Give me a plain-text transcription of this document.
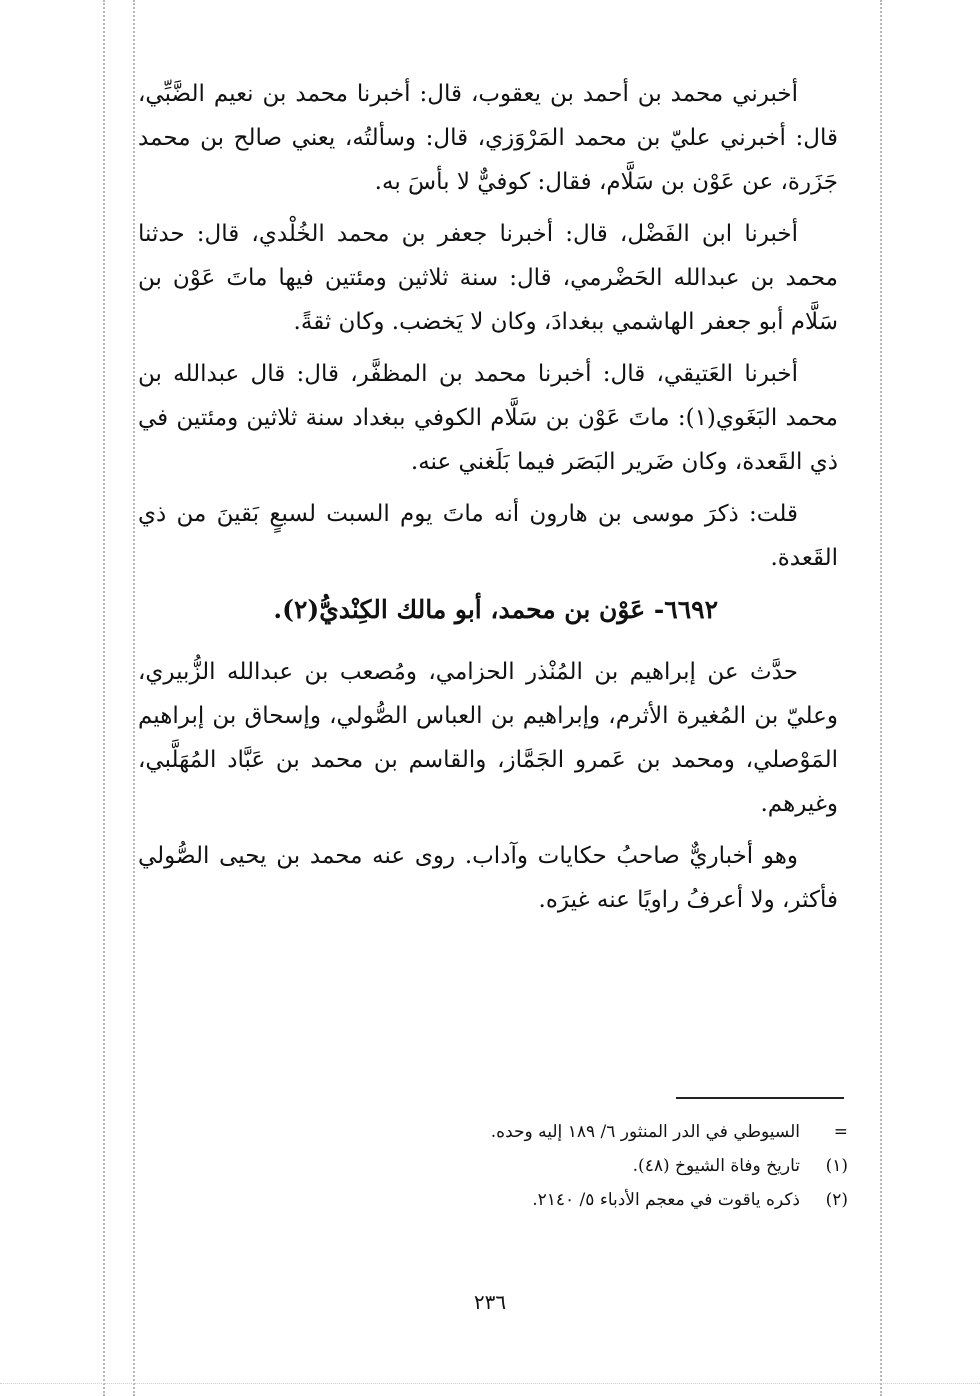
أخبرني محمد بن أحمد بن يعقوب، قال: أخبرنا محمد بن نعيم الضَّبِّي، قال: أخبرني عليّ بن محمد المَرْوَزي، قال: وسألتُه، يعني صالح بن محمد جَزَرة، عن عَوْن بن سَلَّام، فقال: كوفيٌّ لا بأسَ به.

أخبرنا ابن الفَضْل، قال: أخبرنا جعفر بن محمد الخُلْدي، قال: حدثنا محمد بن عبدالله الحَضْرمي، قال: سنة ثلاثين ومئتين فيها ماتَ عَوْن بن سَلَّام أبو جعفر الهاشمي ببغدادَ، وكان لا يَخضب. وكان ثقةً.

أخبرنا العَتيقي، قال: أخبرنا محمد بن المظفَّر، قال: قال عبدالله بن محمد البَغَوي(١): ماتَ عَوْن بن سَلَّام الكوفي ببغداد سنة ثلاثين ومئتين في ذي القَعدة، وكان ضَرير البَصَر فيما بَلَغني عنه.

قلت: ذكرَ موسى بن هارون أنه ماتَ يوم السبت لسبعٍ بَقينَ من ذي القَعدة.

٦٦٩٢- عَوْن بن محمد، أبو مالك الكِنْديُّ(٢).

حدَّث عن إبراهيم بن المُنْذر الحزامي، ومُصعب بن عبدالله الزُّبيري، وعليّ بن المُغيرة الأثرم، وإبراهيم بن العباس الصُّولي، وإسحاق بن إبراهيم المَوْصلي، ومحمد بن عَمرو الجَمَّاز، والقاسم بن محمد بن عَبَّاد المُهَلَّبي، وغيرهم.

وهو أخباريٌّ صاحبُ حكايات وآداب. روى عنه محمد بن يحيى الصُّولي فأكثر، ولا أعرفُ راويًا عنه غيرَه.

=
السيوطي في الدر المنثور ٦/ ١٨٩ إليه وحده.
(١)
تاريخ وفاة الشيوخ (٤٨).
(٢)
ذكره ياقوت في معجم الأدباء ٥/ ٢١٤٠.
٢٣٦
